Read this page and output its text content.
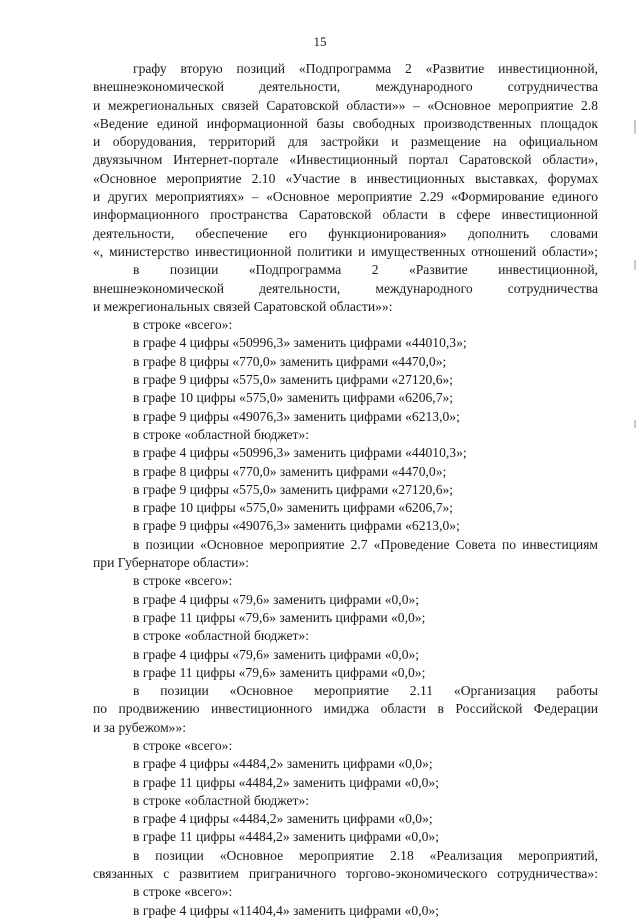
15
графу вторую позиций «Подпрограмма 2 «Развитие инвестиционной,
внешнеэкономической деятельности, международного сотрудничества
и межрегиональных связей Саратовской области»» – «Основное мероприятие 2.8
«Ведение единой информационной базы свободных производственных площадок
и оборудования, территорий для застройки и размещение на официальном
двуязычном Интернет-портале «Инвестиционный портал Саратовской области»,
«Основное мероприятие 2.10 «Участие в инвестиционных выставках, форумах
и других мероприятиях» – «Основное мероприятие 2.29 «Формирование единого
информационного пространства Саратовской области в сфере инвестиционной
деятельности, обеспечение его функционирования» дополнить словами
«, министерство инвестиционной политики и имущественных отношений области»;
в позиции «Подпрограмма 2 «Развитие инвестиционной,
внешнеэкономической деятельности, международного сотрудничества
и межрегиональных связей Саратовской области»»:
в строке «всего»:
в графе 4 цифры «50996,3» заменить цифрами «44010,3»;
в графе 8 цифры «770,0» заменить цифрами «4470,0»;
в графе 9 цифры «575,0» заменить цифрами «27120,6»;
в графе 10 цифры «575,0» заменить цифрами «6206,7»;
в графе 9 цифры «49076,3» заменить цифрами «6213,0»;
в строке «областной бюджет»:
в графе 4 цифры «50996,3» заменить цифрами «44010,3»;
в графе 8 цифры «770,0» заменить цифрами «4470,0»;
в графе 9 цифры «575,0» заменить цифрами «27120,6»;
в графе 10 цифры «575,0» заменить цифрами «6206,7»;
в графе 9 цифры «49076,3» заменить цифрами «6213,0»;
в позиции «Основное мероприятие 2.7 «Проведение Совета по инвестициям
при Губернаторе области»:
в строке «всего»:
в графе 4 цифры «79,6» заменить цифрами «0,0»;
в графе 11 цифры «79,6» заменить цифрами «0,0»;
в строке «областной бюджет»:
в графе 4 цифры «79,6» заменить цифрами «0,0»;
в графе 11 цифры «79,6» заменить цифрами «0,0»;
в позиции «Основное мероприятие 2.11 «Организация работы
по продвижению инвестиционного имиджа области в Российской Федерации
и за рубежом»»:
в строке «всего»:
в графе 4 цифры «4484,2» заменить цифрами «0,0»;
в графе 11 цифры «4484,2» заменить цифрами «0,0»;
в строке «областной бюджет»:
в графе 4 цифры «4484,2» заменить цифрами «0,0»;
в графе 11 цифры «4484,2» заменить цифрами «0,0»;
в позиции «Основное мероприятие 2.18 «Реализация мероприятий,
связанных с развитием приграничного торгово-экономического сотрудничества»:
в строке «всего»:
в графе 4 цифры «11404,4» заменить цифрами «0,0»;
